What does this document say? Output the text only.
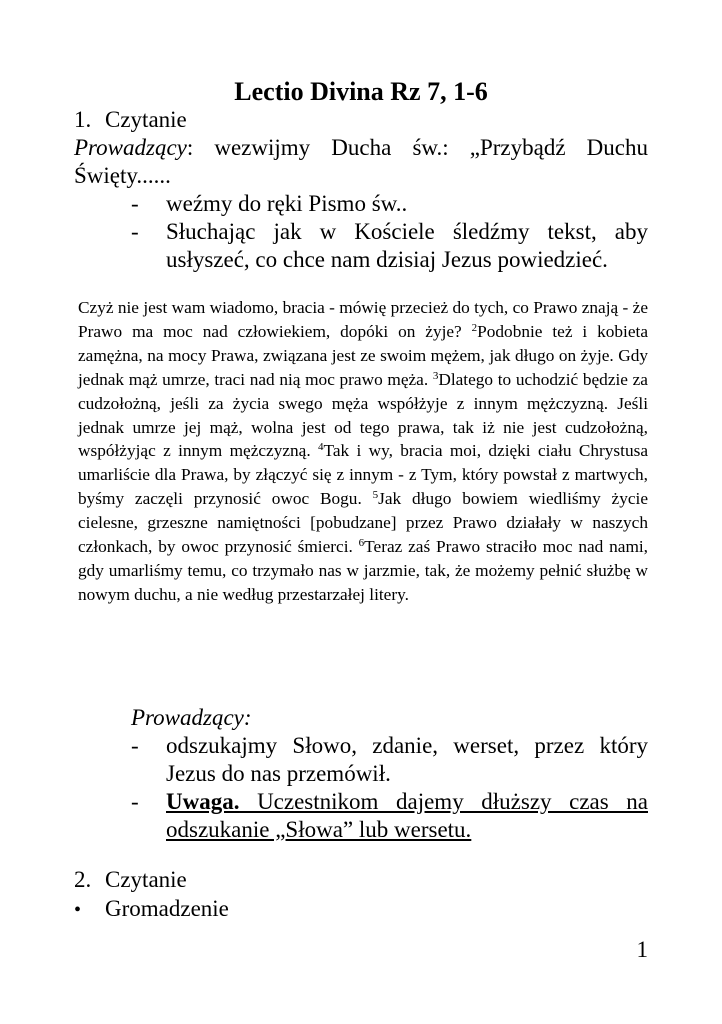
Lectio Divina Rz 7, 1-6
1. Czytanie
Prowadzący: wezwijmy Ducha św.: „Przybądź Duchu Święty......
- weźmy do ręki Pismo św..
- Słuchając jak w Kościele śledźmy tekst, aby usłyszeć, co chce nam dzisiaj Jezus powiedzieć.
Czyż nie jest wam wiadomo, bracia - mówię przecież do tych, co Prawo znają - że Prawo ma moc nad człowiekiem, dopóki on żyje? $^2$Podobnie też i kobieta zamężna, na mocy Prawa, związana jest ze swoim mężem, jak długo on żyje. Gdy jednak mąż umrze, traci nad nią moc prawo męża. $^3$Dlatego to uchodzić będzie za cudzołożną, jeśli za życia swego męża współżyje z innym mężczyzną. Jeśli jednak umrze jej mąż, wolna jest od tego prawa, tak iż nie jest cudzołożną, współżyjąc z innym mężczyzną. $^4$Tak i wy, bracia moi, dzięki ciału Chrystusa umarliście dla Prawa, by złączyć się z innym - z Tym, który powstał z martwych, byśmy zaczęli przynosić owoc Bogu. $^5$Jak długo bowiem wiedliśmy życie cielesne, grzeszne namiętności [pobudzane] przez Prawo działały w naszych członkach, by owoc przynosić śmierci. $^6$Teraz zaś Prawo straciło moc nad nami, gdy umarliśmy temu, co trzymało nas w jarzmie, tak, że możemy pełnić służbę w nowym duchu, a nie według przestarzałej litery.
Prowadzący:
- odszukajmy Słowo, zdanie, werset, przez który Jezus do nas przemówił.
- Uwaga. Uczestnikom dajemy dłuższy czas na odszukanie „Słowa” lub wersetu.
2. Czytanie
• Gromadzenie
1
